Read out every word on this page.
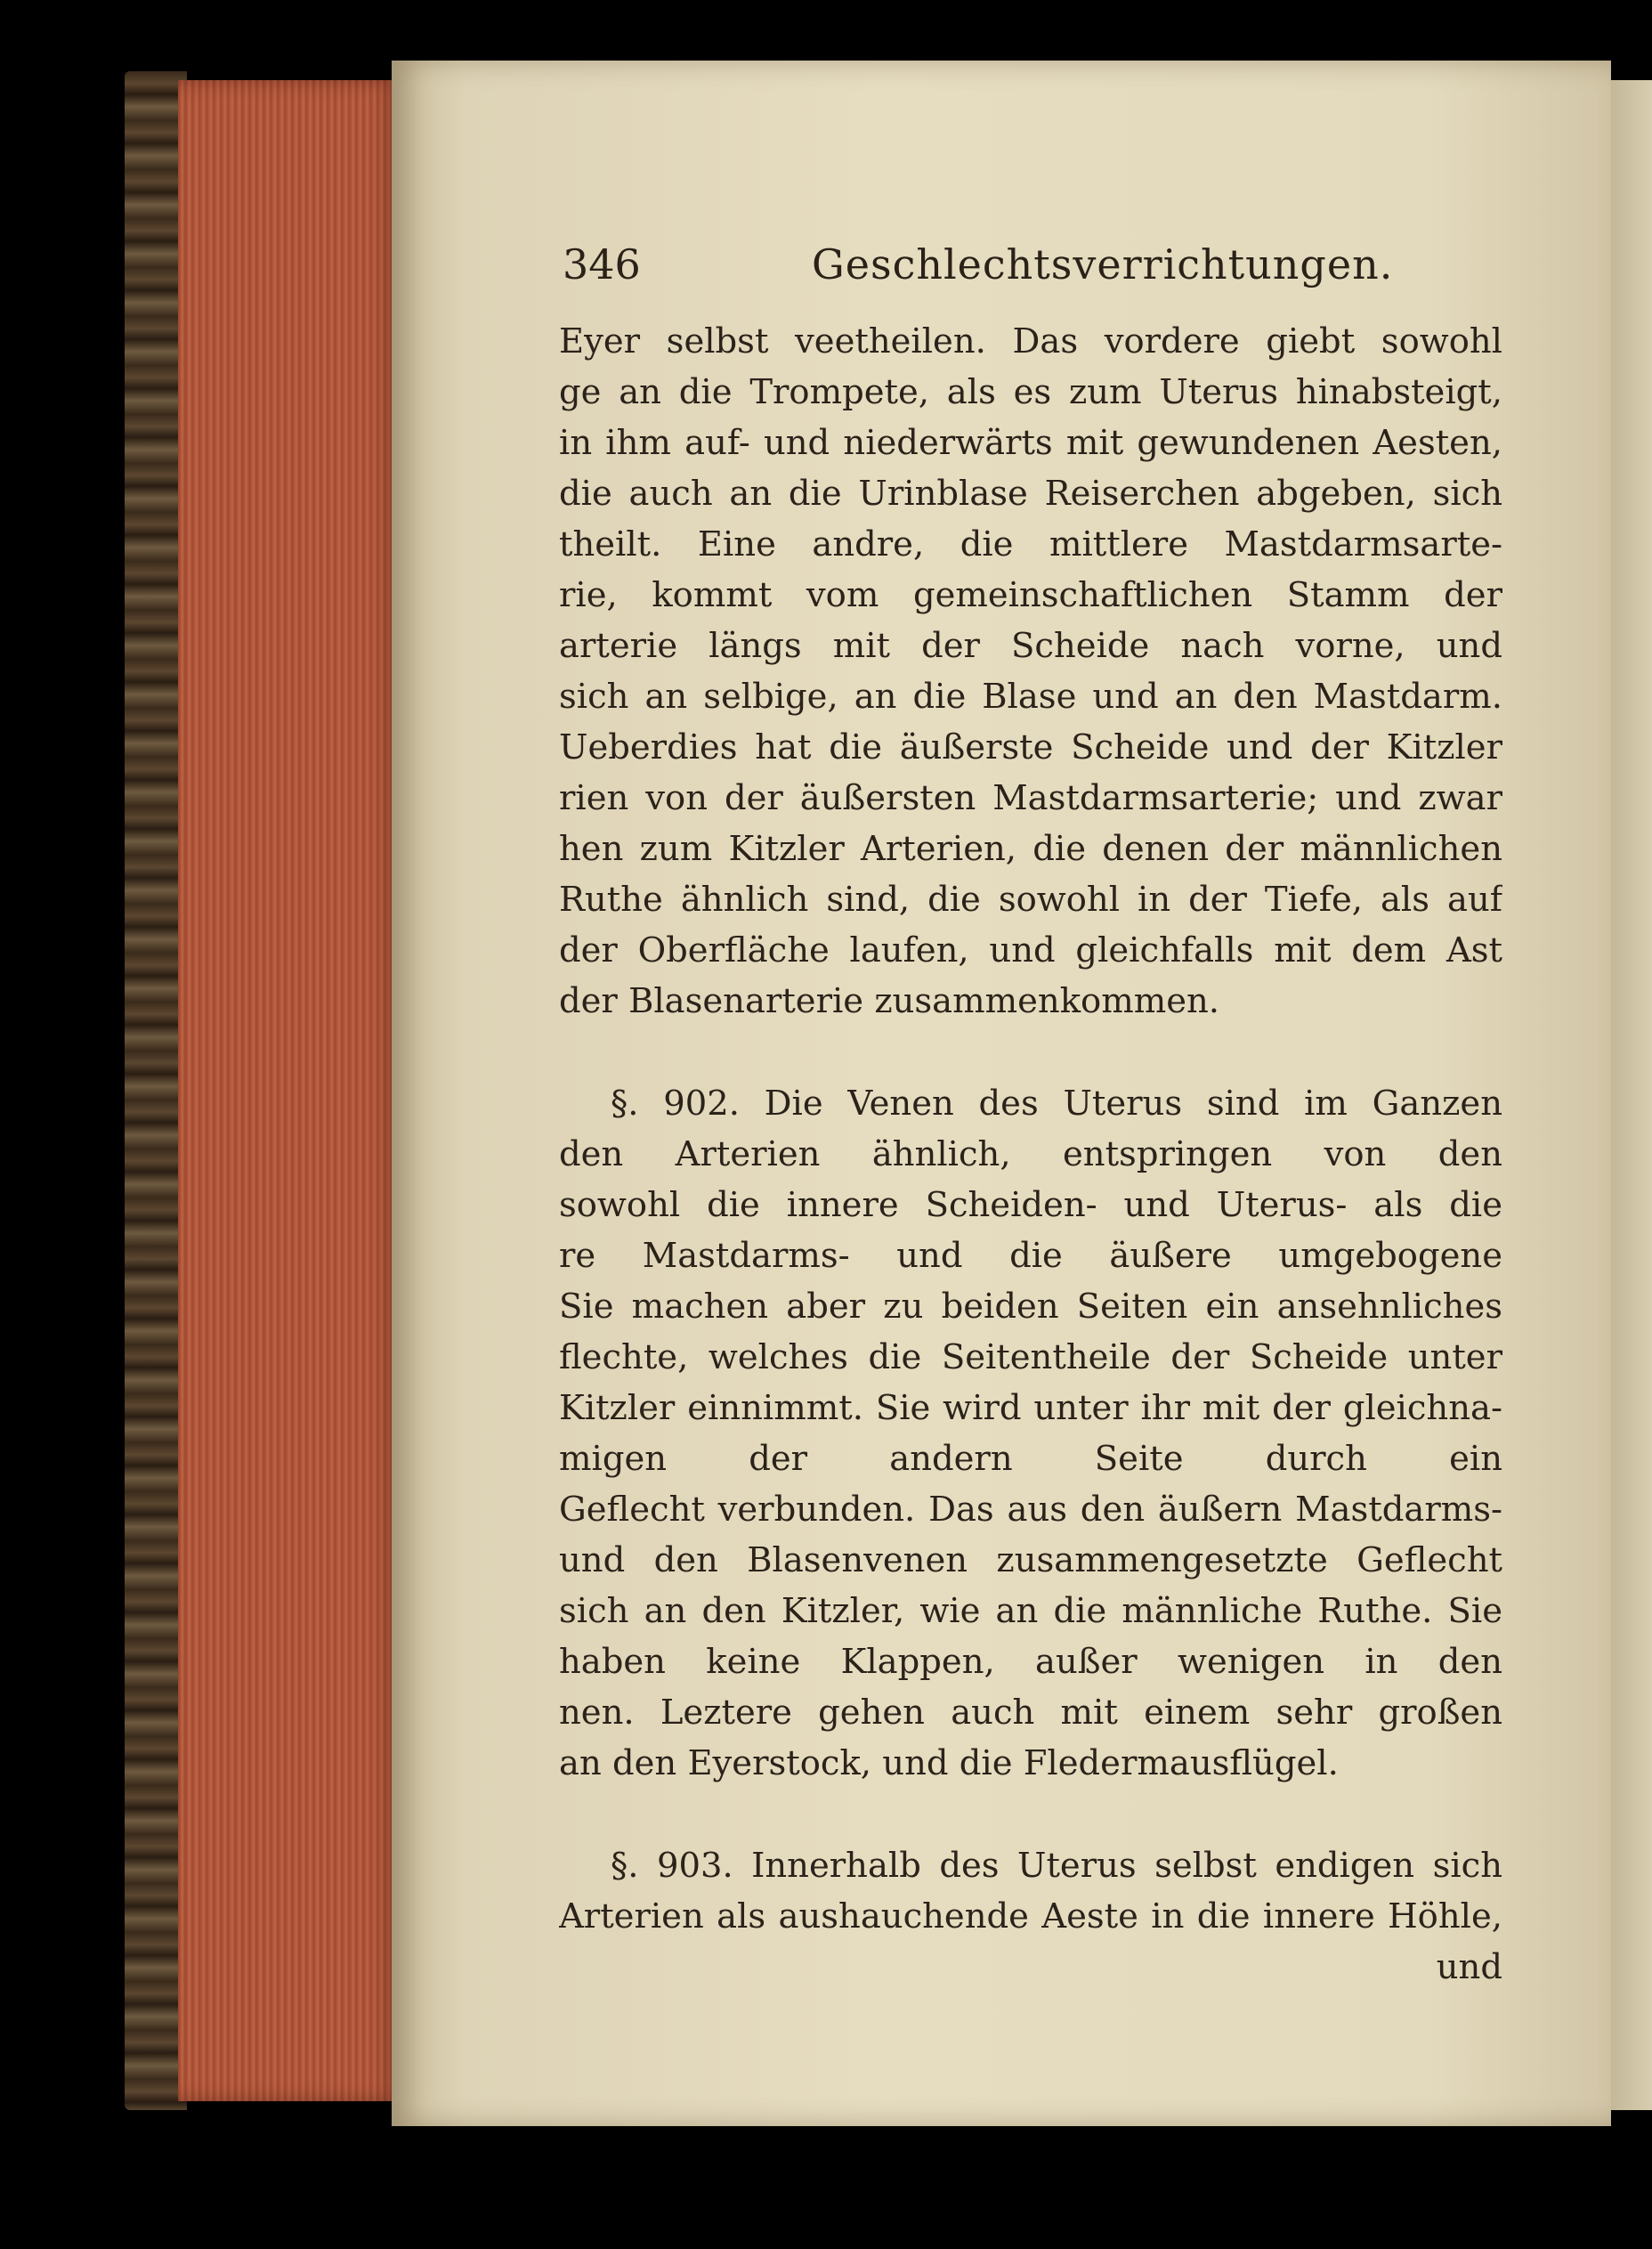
346	Geschlechtsverrichtungen.
Eyer selbst veetheilen. Das vordere giebt sowohl
ge an die Trompete, als es zum Uterus hinabsteigt,
in ihm auf- und niederwärts mit gewundenen Aesten,
die auch an die Urinblase Reiserchen abgeben, sich
theilt. Eine andre, die mittlere Mastdarmsarte-
rie, kommt vom gemeinschaftlichen Stamm der
arterie längs mit der Scheide nach vorne, und
sich an selbige, an die Blase und an den Mastdarm.
Ueberdies hat die äußerste Scheide und der Kitzler
rien von der äußersten Mastdarmsarterie; und zwar
hen zum Kitzler Arterien, die denen der männlichen
Ruthe ähnlich sind, die sowohl in der Tiefe, als auf
der Oberfläche laufen, und gleichfalls mit dem Ast
der Blasenarterie zusammenkommen.
§. 902. Die Venen des Uterus sind im Ganzen
den Arterien ähnlich, entspringen von den
sowohl die innere Scheiden- und Uterus- als die
re Mastdarms- und die äußere umgebogene
Sie machen aber zu beiden Seiten ein ansehnliches
flechte, welches die Seitentheile der Scheide unter
Kitzler einnimmt. Sie wird unter ihr mit der gleichna-
migen der andern Seite durch ein
Geflecht verbunden. Das aus den äußern Mastdarms-
und den Blasenvenen zusammengesetzte Geflecht
sich an den Kitzler, wie an die männliche Ruthe. Sie
haben keine Klappen, außer wenigen in den
nen. Leztere gehen auch mit einem sehr großen
an den Eyerstock, und die Fledermausflügel.
§. 903. Innerhalb des Uterus selbst endigen sich
Arterien als aushauchende Aeste in die innere Höhle,
und
